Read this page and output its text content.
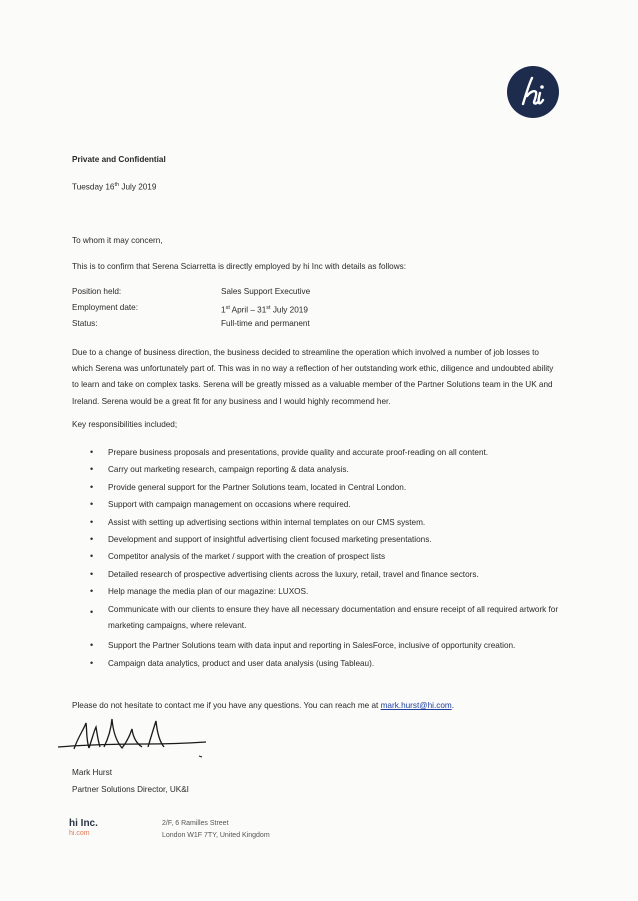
Private and Confidential
Tuesday 16th July 2019
To whom it may concern,
This is to confirm that Serena Sciarretta is directly employed by hi Inc with details as follows:
Position held:	Sales Support Executive
Employment date:	1st April – 31st July 2019
Status:	Full-time and permanent
Due to a change of business direction, the business decided to streamline the operation which involved a number of job losses to which Serena was unfortunately part of. This was in no way a reflection of her outstanding work ethic, diligence and undoubted ability to learn and take on complex tasks. Serena will be greatly missed as a valuable member of the Partner Solutions team in the UK and Ireland. Serena would be a great fit for any business and I would highly recommend her.
Key responsibilities included;
• Prepare business proposals and presentations, provide quality and accurate proof-reading on all content.
• Carry out marketing research, campaign reporting & data analysis.
• Provide general support for the Partner Solutions team, located in Central London.
• Support with campaign management on occasions where required.
• Assist with setting up advertising sections within internal templates on our CMS system.
• Development and support of insightful advertising client focused marketing presentations.
• Competitor analysis of the market / support with the creation of prospect lists
• Detailed research of prospective advertising clients across the luxury, retail, travel and finance sectors.
• Help manage the media plan of our magazine: LUXOS.
• Communicate with our clients to ensure they have all necessary documentation and ensure receipt of all required artwork for marketing campaigns, where relevant.
• Support the Partner Solutions team with data input and reporting in SalesForce, inclusive of opportunity creation.
• Campaign data analytics, product and user data analysis (using Tableau).
Please do not hesitate to contact me if you have any questions. You can reach me at mark.hurst@hi.com.
Mark Hurst
Partner Solutions Director, UK&I
hi Inc.
hi.com
2/F, 6 Ramilles Street
London W1F 7TY, United Kingdom
